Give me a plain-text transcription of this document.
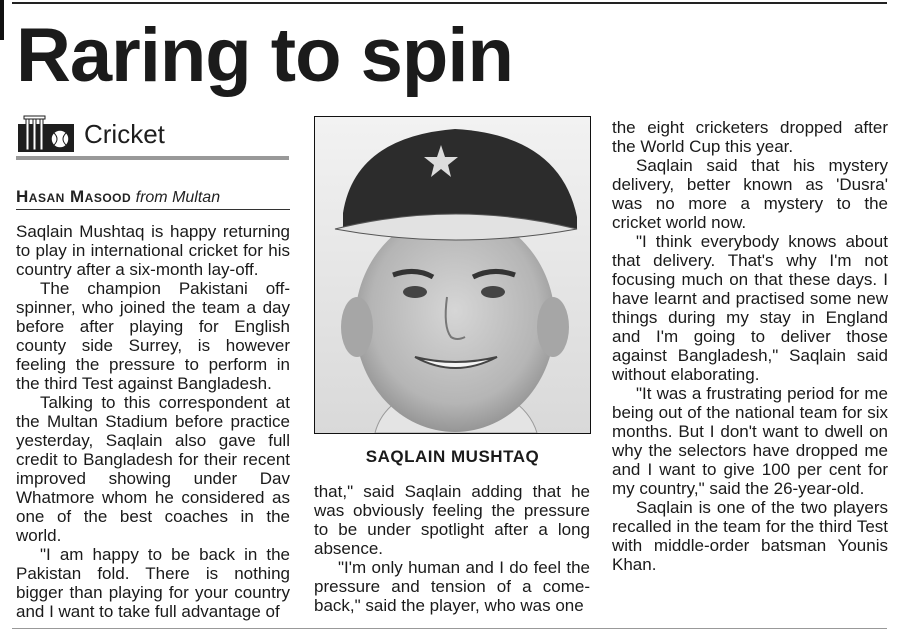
Raring to spin
Cricket
Hasan Masood from Multan

Saqlain Mushtaq is happy returning to play in international cricket for his country after a six-month lay-off.

The champion Pakistani off-spinner, who joined the team a day before after playing for English county side Surrey, is however feeling the pressure to perform in the third Test against Bangladesh.

Talking to this correspondent at the Multan Stadium before practice yesterday, Saqlain also gave full credit to Bangladesh for their recent improved showing under Dav Whatmore whom he considered as one of the best coaches in the world.

"I am happy to be back in the Pakistan fold. There is nothing bigger than playing for your country and I want to take full advantage of

SAQLAIN MUSHTAQ

that," said Saqlain adding that he was obviously feeling the pressure to be under spotlight after a long absence.

"I'm only human and I do feel the pressure and tension of a come-back," said the player, who was one

the eight cricketers dropped after the World Cup this year.

Saqlain said that his mystery delivery, better known as 'Dusra' was no more a mystery to the cricket world now.

"I think everybody knows about that delivery. That's why I'm not focusing much on that these days. I have learnt and practised some new things during my stay in England and I'm going to deliver those against Bangladesh," Saqlain said without elaborating.

"It was a frustrating period for me being out of the national team for six months. But I don't want to dwell on why the selectors have dropped me and I want to give 100 per cent for my country," said the 26-year-old.

Saqlain is one of the two players recalled in the team for the third Test with middle-order batsman Younis Khan.
